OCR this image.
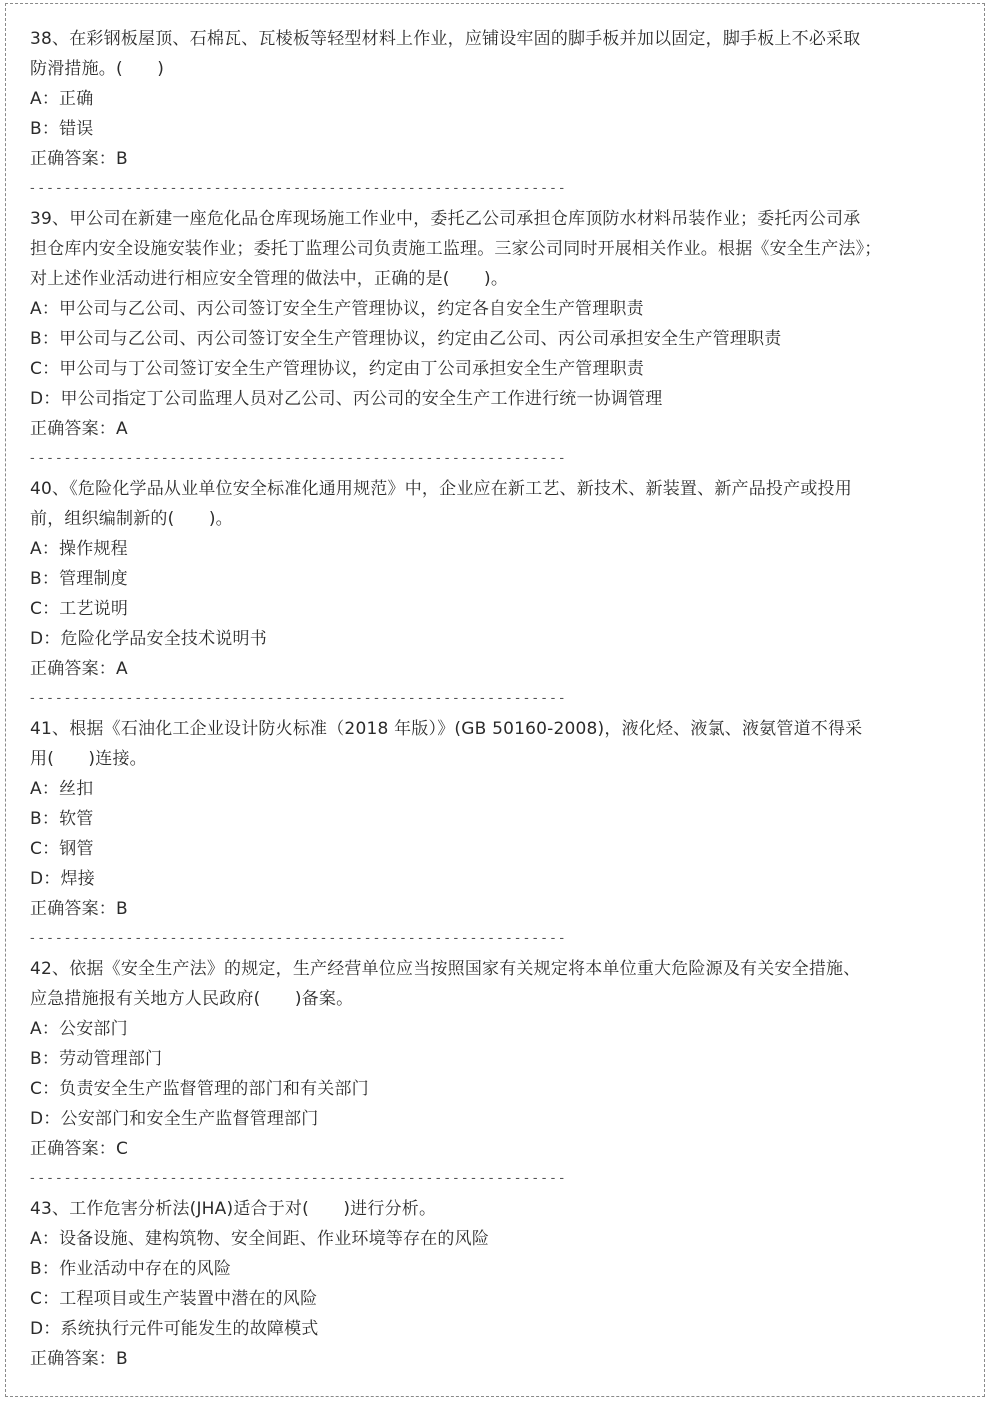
38、在彩钢板屋顶、石棉瓦、瓦棱板等轻型材料上作业，应铺设牢固的脚手板并加以固定，脚手板上不必采取

防滑措施。(　　)

A：正确

B：错误

正确答案：B

- - - - - - - - - - - - - - - - - - - - - - - - - - - - - - - - - - - - - - - - - - - - - - - - - - - - - - - - - - - - -

39、甲公司在新建一座危化品仓库现场施工作业中，委托乙公司承担仓库顶防水材料吊装作业；委托丙公司承

担仓库内安全设施安装作业；委托丁监理公司负责施工监理。三家公司同时开展相关作业。根据《安全生产法》；

对上述作业活动进行相应安全管理的做法中，正确的是(　　)。

A：甲公司与乙公司、丙公司签订安全生产管理协议，约定各自安全生产管理职责

B：甲公司与乙公司、丙公司签订安全生产管理协议，约定由乙公司、丙公司承担安全生产管理职责

C：甲公司与丁公司签订安全生产管理协议，约定由丁公司承担安全生产管理职责

D：甲公司指定丁公司监理人员对乙公司、丙公司的安全生产工作进行统一协调管理

正确答案：A

- - - - - - - - - - - - - - - - - - - - - - - - - - - - - - - - - - - - - - - - - - - - - - - - - - - - - - - - - - - - -

40、《危险化学品从业单位安全标准化通用规范》中，企业应在新工艺、新技术、新装置、新产品投产或投用

前，组织编制新的(　　)。

A：操作规程

B：管理制度

C：工艺说明

D：危险化学品安全技术说明书

正确答案：A

- - - - - - - - - - - - - - - - - - - - - - - - - - - - - - - - - - - - - - - - - - - - - - - - - - - - - - - - - - - - -

41、根据《石油化工企业设计防火标准（2018 年版）》(GB 50160-2008)，液化烃、液氯、液氨管道不得采

用(　　)连接。

A：丝扣

B：软管

C：钢管

D：焊接

正确答案：B

- - - - - - - - - - - - - - - - - - - - - - - - - - - - - - - - - - - - - - - - - - - - - - - - - - - - - - - - - - - - -

42、依据《安全生产法》的规定，生产经营单位应当按照国家有关规定将本单位重大危险源及有关安全措施、

应急措施报有关地方人民政府(　　)备案。

A：公安部门

B：劳动管理部门

C：负责安全生产监督管理的部门和有关部门

D：公安部门和安全生产监督管理部门

正确答案：C

- - - - - - - - - - - - - - - - - - - - - - - - - - - - - - - - - - - - - - - - - - - - - - - - - - - - - - - - - - - - -

43、工作危害分析法(JHA)适合于对(　　)进行分析。

A：设备设施、建构筑物、安全间距、作业环境等存在的风险

B：作业活动中存在的风险

C：工程项目或生产装置中潜在的风险

D：系统执行元件可能发生的故障模式

正确答案：B
